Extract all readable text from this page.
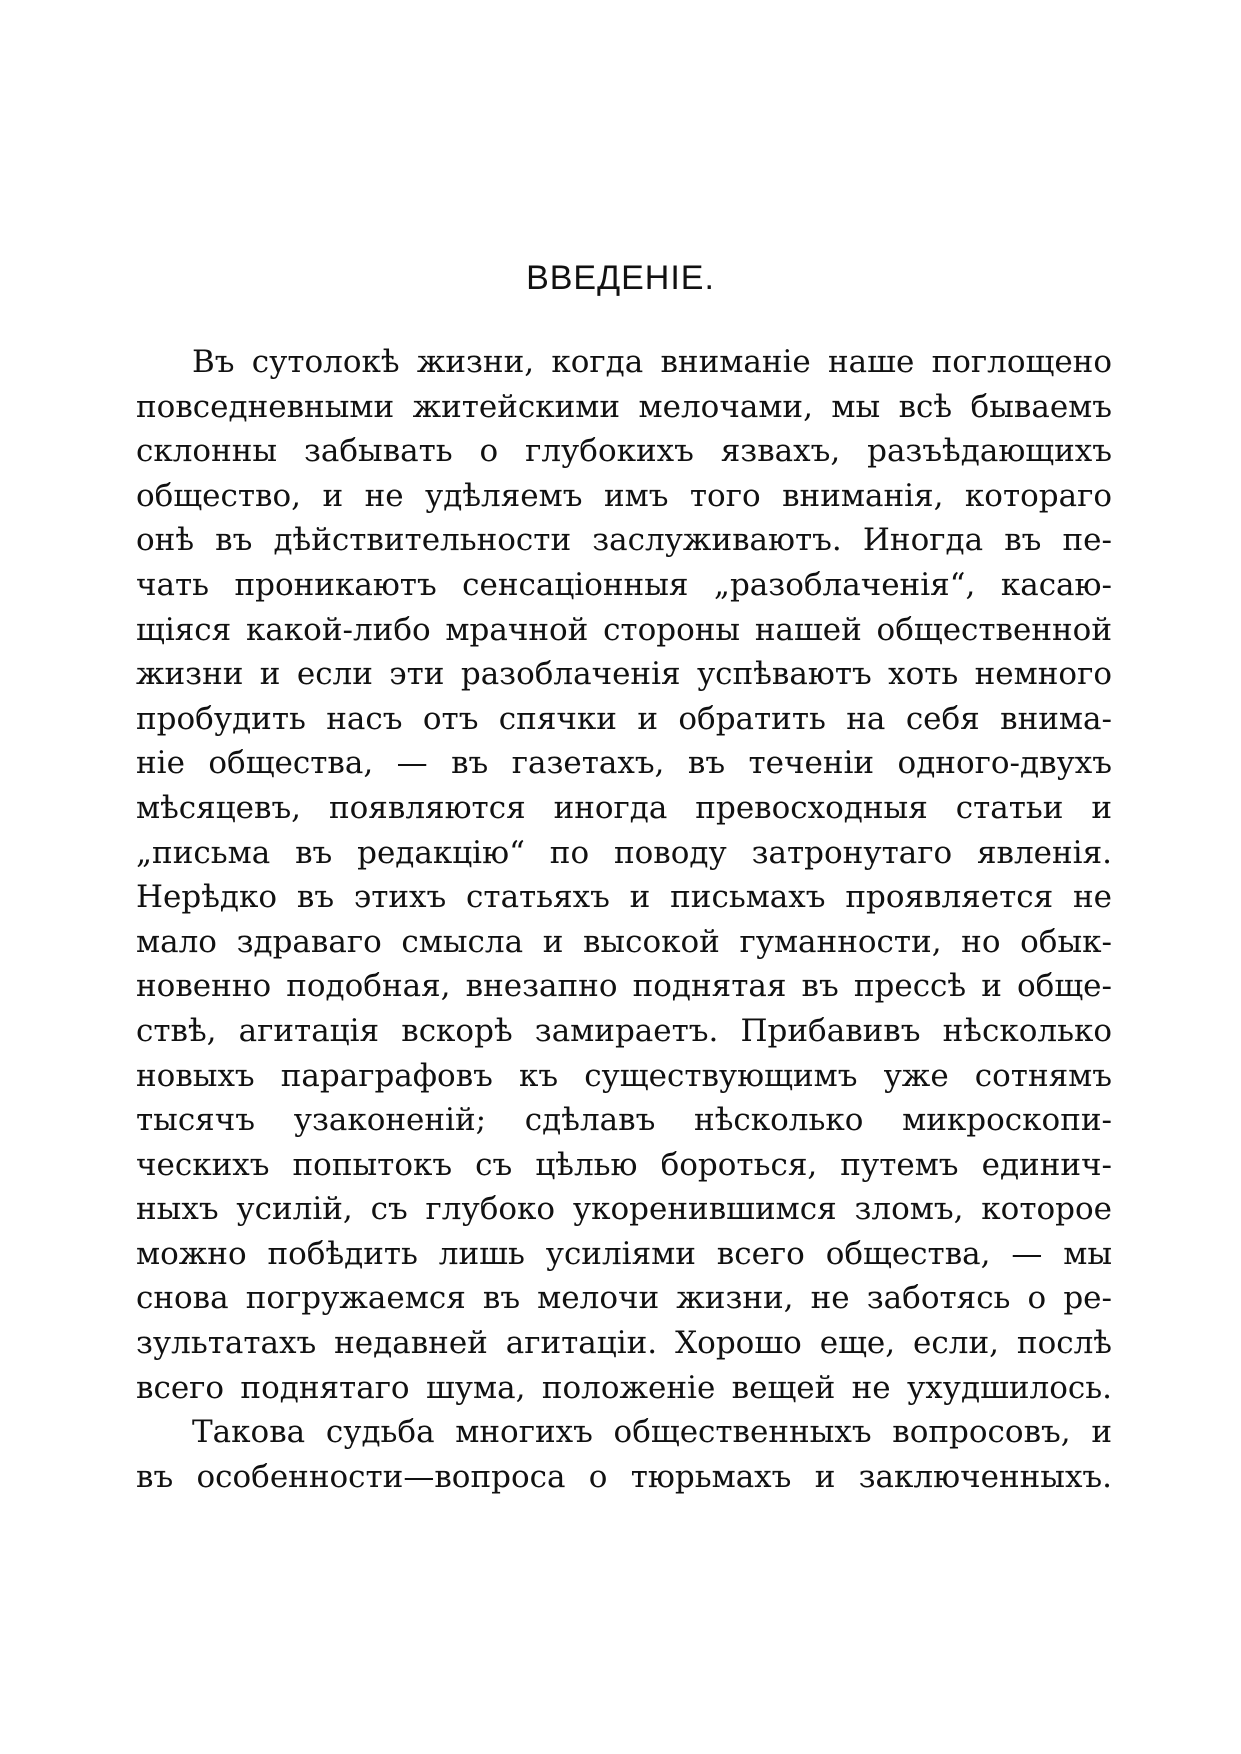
ВВЕДЕНІЕ.
Въ сутолокѣ жизни, когда вниманіе наше поглощено
повседневными житейскими мелочами, мы всѣ бываемъ
склонны забывать о глубокихъ язвахъ, разъѣдающихъ
общество, и не удѣляемъ имъ того вниманія, котораго
онѣ въ дѣйствительности заслуживаютъ. Иногда въ пе-
чать проникаютъ сенсаціонныя „разоблаченія“, касаю-
щіяся какой-либо мрачной стороны нашей общественной
жизни и если эти разоблаченія успѣваютъ хоть немного
пробудить насъ отъ спячки и обратить на себя внима-
ніе общества, — въ газетахъ, въ теченіи одного-двухъ
мѣсяцевъ, появляются иногда превосходныя статьи и
„письма въ редакцію“ по поводу затронутаго явленія.
Нерѣдко въ этихъ статьяхъ и письмахъ проявляется не
мало здраваго смысла и высокой гуманности, но обык-
новенно подобная, внезапно поднятая въ прессѣ и обще-
ствѣ, агитація вскорѣ замираетъ. Прибавивъ нѣсколько
новыхъ параграфовъ къ существующимъ уже сотнямъ
тысячъ узаконеній; сдѣлавъ нѣсколько микроскопи-
ческихъ попытокъ съ цѣлью бороться, путемъ единич-
ныхъ усилій, съ глубоко укоренившимся зломъ, которое
можно побѣдить лишь усиліями всего общества, — мы
снова погружаемся въ мелочи жизни, не заботясь о ре-
зультатахъ недавней агитаціи. Хорошо еще, если, послѣ
всего поднятаго шума, положеніе вещей не ухудшилось.
Такова судьба многихъ общественныхъ вопросовъ, и
въ особенности—вопроса о тюрьмахъ и заключенныхъ.
